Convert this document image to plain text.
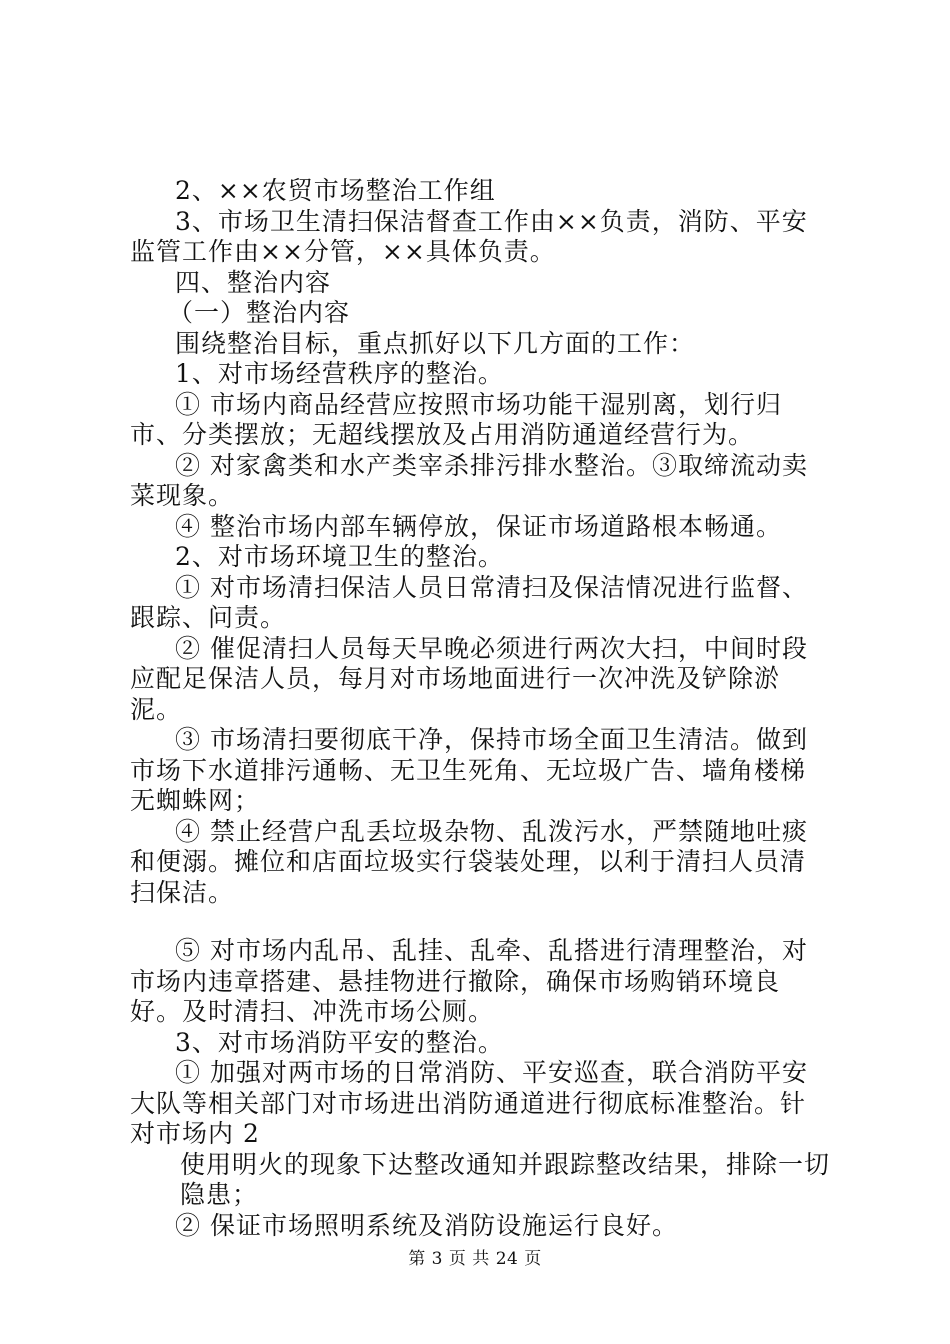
2、××农贸市场整治工作组

3、市场卫生清扫保洁督查工作由××负责，消防、平安监管工作由××分管，××具体负责。

四、整治内容

（一）整治内容

围绕整治目标，重点抓好以下几方面的工作：

1、对市场经营秩序的整治。

① 市场内商品经营应按照市场功能干湿别离，划行归市、分类摆放；无超线摆放及占用消防通道经营行为。

② 对家禽类和水产类宰杀排污排水整治。③取缔流动卖菜现象。

④ 整治市场内部车辆停放，保证市场道路根本畅通。

2、对市场环境卫生的整治。

① 对市场清扫保洁人员日常清扫及保洁情况进行监督、跟踪、问责。

② 催促清扫人员每天早晚必须进行两次大扫，中间时段应配足保洁人员，每月对市场地面进行一次冲洗及铲除淤泥。

③ 市场清扫要彻底干净，保持市场全面卫生清洁。做到市场下水道排污通畅、无卫生死角、无垃圾广告、墙角楼梯无蜘蛛网；

④ 禁止经营户乱丢垃圾杂物、乱泼污水，严禁随地吐痰和便溺。摊位和店面垃圾实行袋装处理，以利于清扫人员清扫保洁。

⑤ 对市场内乱吊、乱挂、乱牵、乱搭进行清理整治，对市场内违章搭建、悬挂物进行撤除，确保市场购销环境良好。及时清扫、冲洗市场公厕。

3、对市场消防平安的整治。

① 加强对两市场的日常消防、平安巡查，联合消防平安大队等相关部门对市场进出消防通道进行彻底标准整治。针对市场内 2

使用明火的现象下达整改通知并跟踪整改结果，排除一切隐患；

② 保证市场照明系统及消防设施运行良好。

第 3 页 共 24 页
